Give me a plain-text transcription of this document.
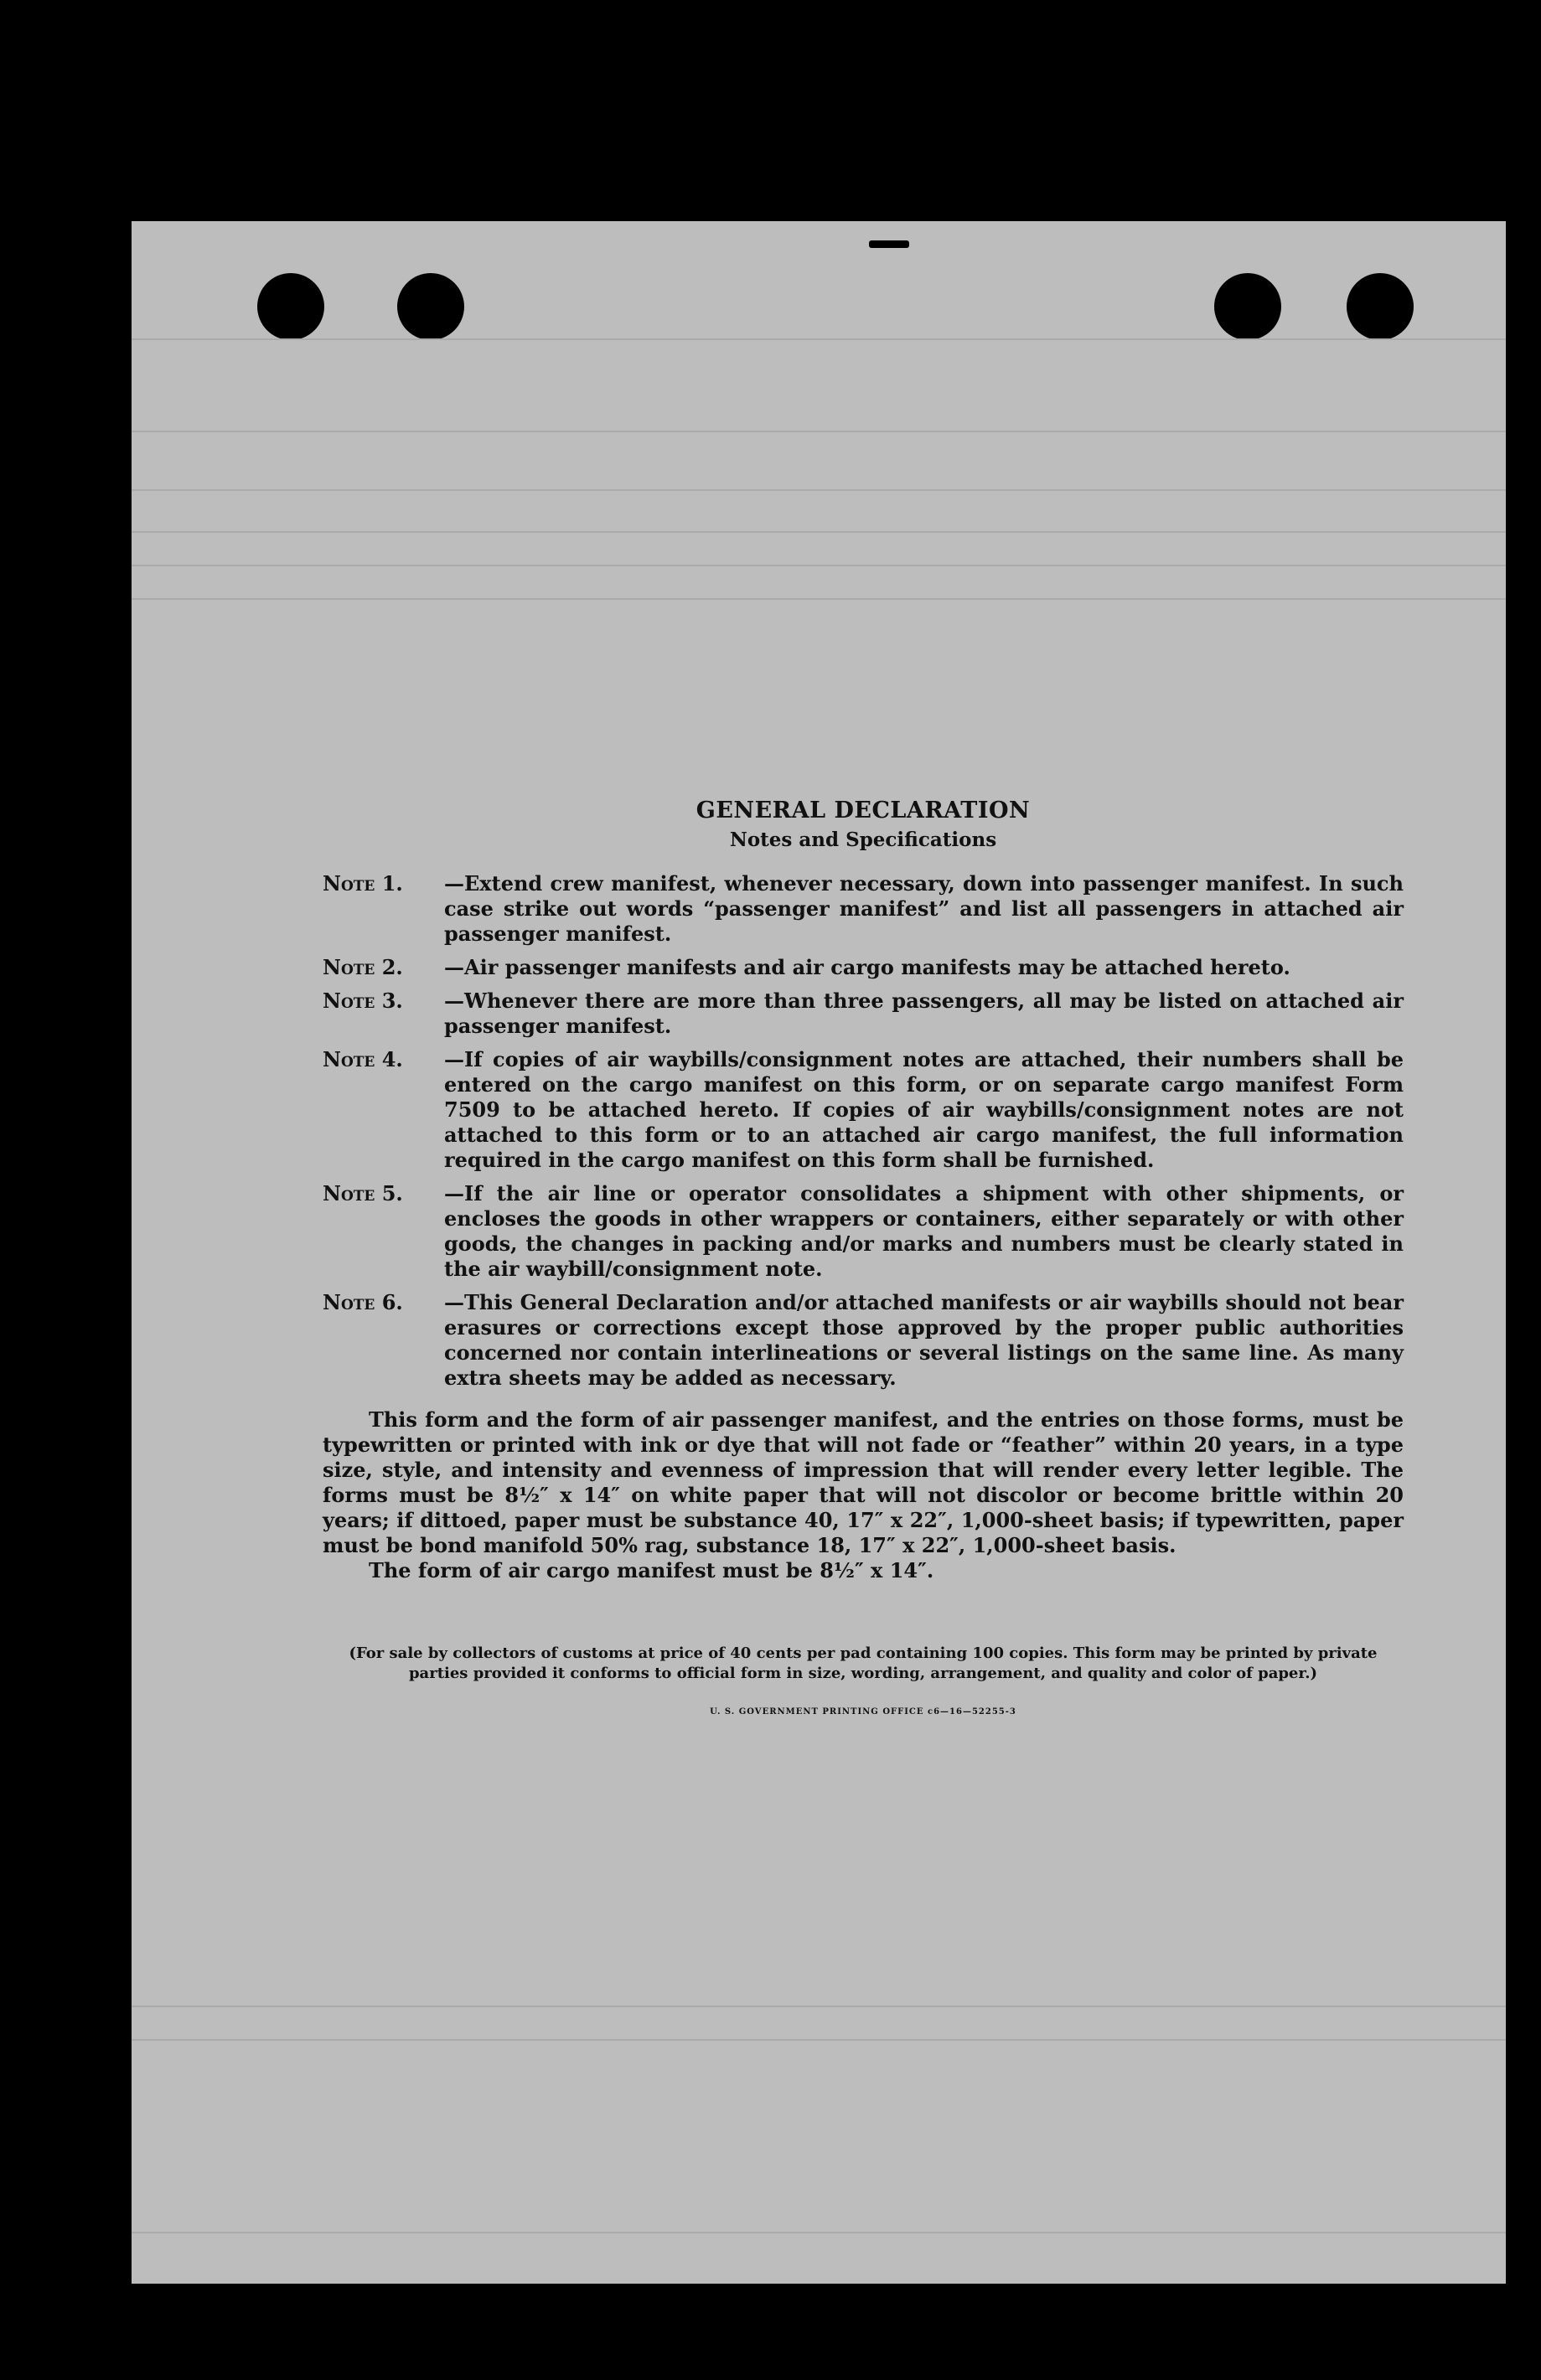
GENERAL DECLARATION
Notes and Specifications
Note 1.	—Extend crew manifest, whenever necessary, down into passenger manifest. In such case strike out words “passenger manifest” and list all passengers in attached air passenger manifest.
Note 2.	—Air passenger manifests and air cargo manifests may be attached hereto.
Note 3.	—Whenever there are more than three passengers, all may be listed on attached air passenger manifest.
Note 4.	—If copies of air waybills/consignment notes are attached, their numbers shall be entered on the cargo manifest on this form, or on separate cargo manifest Form 7509 to be attached hereto. If copies of air waybills/consignment notes are not attached to this form or to an attached air cargo manifest, the full information required in the cargo manifest on this form shall be furnished.
Note 5.	—If the air line or operator consolidates a shipment with other shipments, or encloses the goods in other wrappers or containers, either separately or with other goods, the changes in packing and/or marks and numbers must be clearly stated in the air waybill/consignment note.
Note 6.	—This General Declaration and/or attached manifests or air waybills should not bear erasures or corrections except those approved by the proper public authorities concerned nor contain interlineations or several listings on the same line. As many extra sheets may be added as necessary.
This form and the form of air passenger manifest, and the entries on those forms, must be typewritten or printed with ink or dye that will not fade or “feather” within 20 years, in a type size, style, and intensity and evenness of impression that will render every letter legible. The forms must be 8½″ x 14″ on white paper that will not discolor or become brittle within 20 years; if dittoed, paper must be substance 40, 17″ x 22″, 1,000-sheet basis; if typewritten, paper must be bond manifold 50% rag, substance 18, 17″ x 22″, 1,000-sheet basis.
The form of air cargo manifest must be 8½″ x 14″.
(For sale by collectors of customs at price of 40 cents per pad containing 100 copies. This form may be printed by private parties provided it conforms to official form in size, wording, arrangement, and quality and color of paper.)
U. S. GOVERNMENT PRINTING OFFICE c6—16—52255-3
